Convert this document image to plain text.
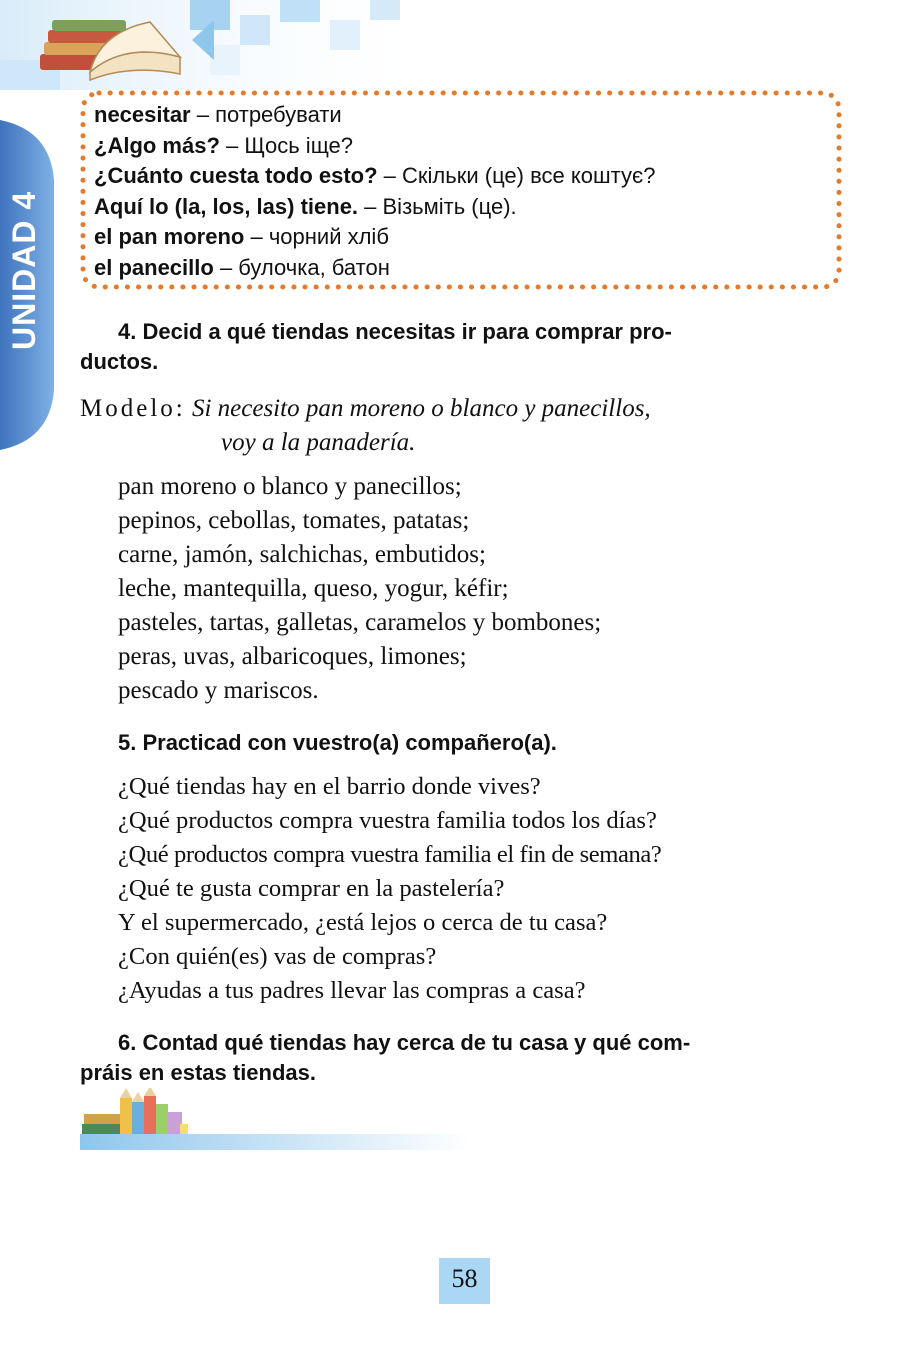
UNIDAD 4
necesitar – потребувати
¿Algo más? – Щось іще?
¿Cuánto cuesta todo esto? – Скільки (це) все коштує?
Aquí lo (la, los, las) tiene. – Візьміть (це).
el pan moreno – чорний хліб
el panecillo – булочка, батон
4. Decid a qué tiendas necesitas ir para comprar pro-
ductos.
Modelo: Si necesito pan moreno o blanco y panecillos,
voy a la panadería.
pan moreno o blanco y panecillos;
pepinos, cebollas, tomates, patatas;
carne, jamón, salchichas, embutidos;
leche, mantequilla, queso, yogur, kéfir;
pasteles, tartas, galletas, caramelos y bombones;
peras, uvas, albaricoques, limones;
pescado y mariscos.
5. Practicad con vuestro(a) compañero(a).
¿Qué tiendas hay en el barrio donde vives?
¿Qué productos compra vuestra familia todos los días?
¿Qué productos compra vuestra familia el fin de semana?
¿Qué te gusta comprar en la pastelería?
Y el supermercado, ¿está lejos o cerca de tu casa?
¿Con quién(es) vas de compras?
¿Ayudas a tus padres llevar las compras a casa?
6. Contad qué tiendas hay cerca de tu casa y qué com-
práis en estas tiendas.
58
